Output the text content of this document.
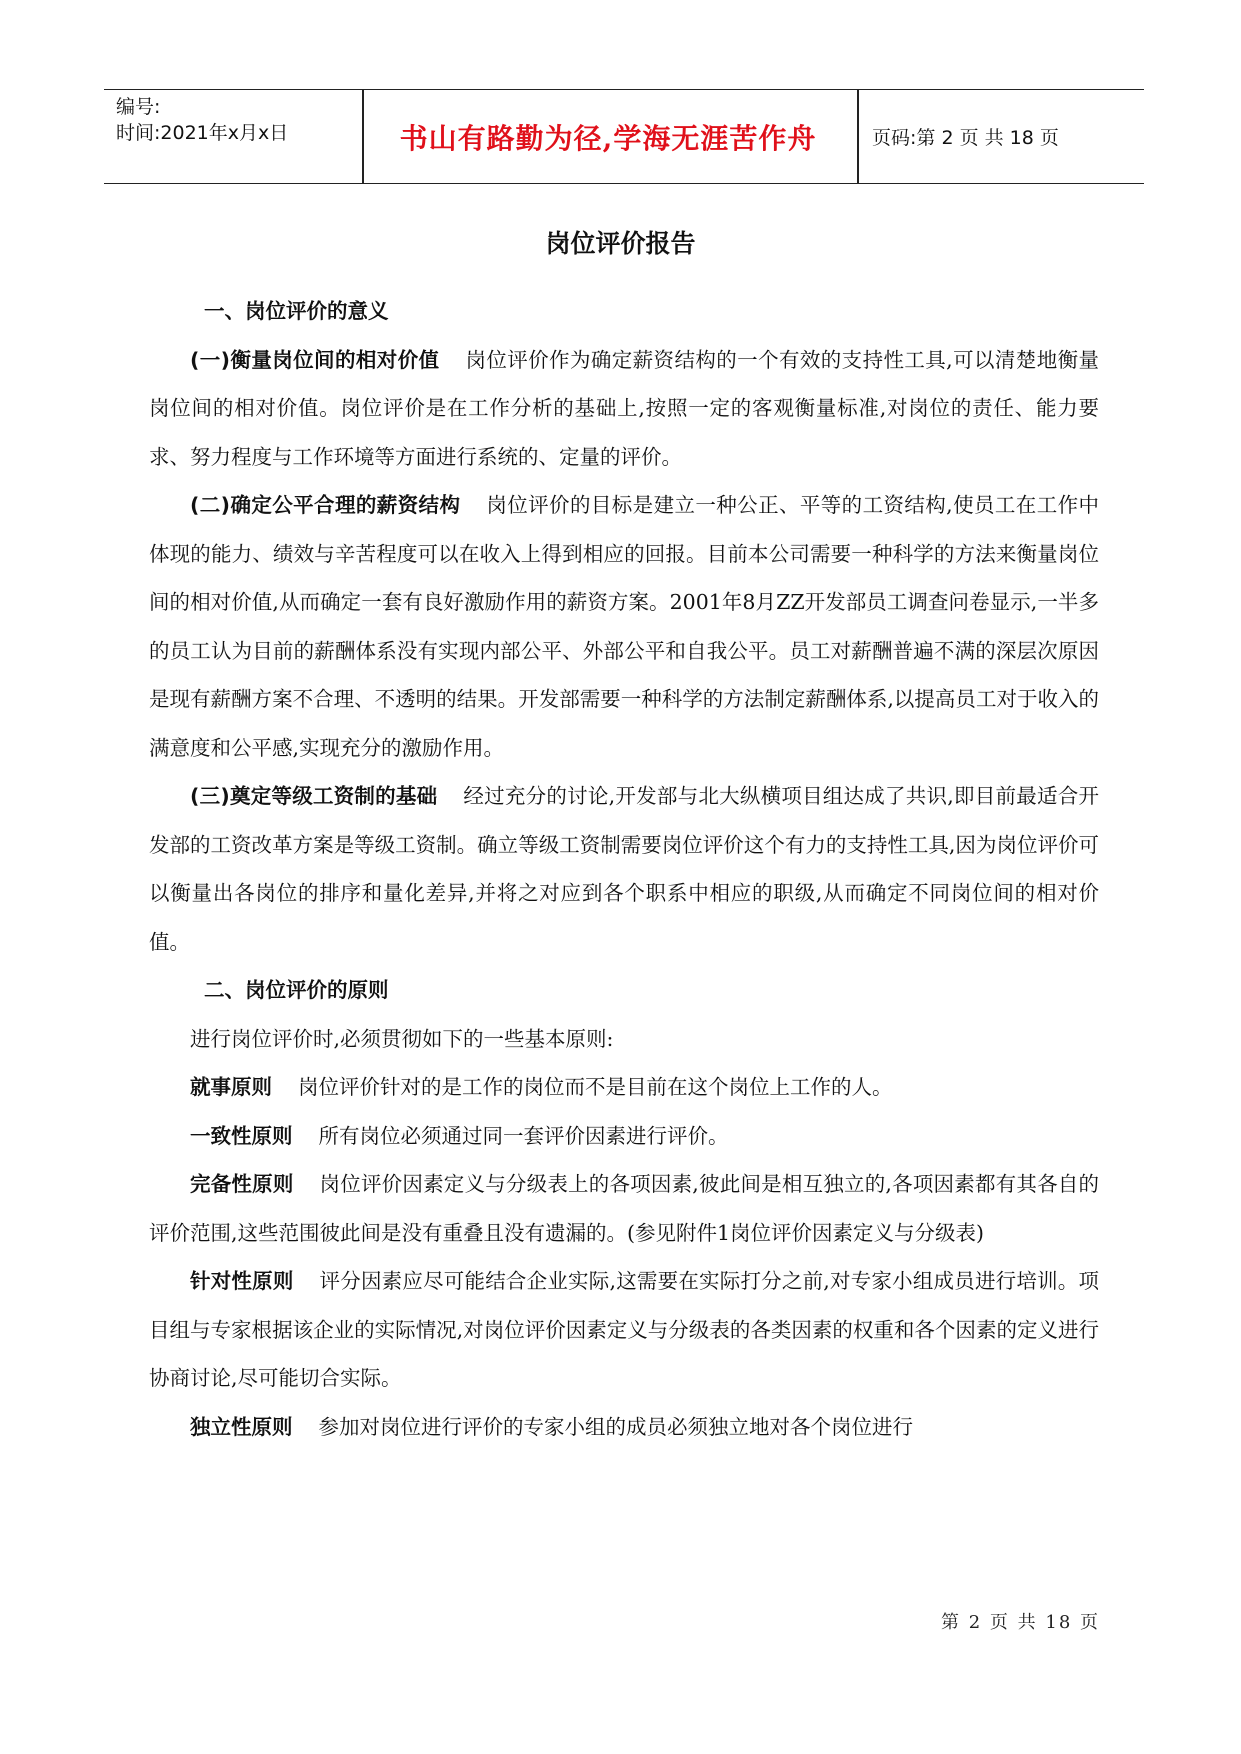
编号:
时间:2021年x月x日	书山有路勤为径,学海无涯苦作舟	页码:第 2 页 共 18 页
岗位评价报告
一、岗位评价的意义

(一)衡量岗位间的相对价值 岗位评价作为确定薪资结构的一个有效的支持性工具,可以清楚地衡量岗位间的相对价值。岗位评价是在工作分析的基础上,按照一定的客观衡量标准,对岗位的责任、能力要求、努力程度与工作环境等方面进行系统的、定量的评价。

(二)确定公平合理的薪资结构 岗位评价的目标是建立一种公正、平等的工资结构,使员工在工作中体现的能力、绩效与辛苦程度可以在收入上得到相应的回报。目前本公司需要一种科学的方法来衡量岗位间的相对价值,从而确定一套有良好激励作用的薪资方案。2001年8月ZZ开发部员工调查问卷显示,一半多的员工认为目前的薪酬体系没有实现内部公平、外部公平和自我公平。员工对薪酬普遍不满的深层次原因是现有薪酬方案不合理、不透明的结果。开发部需要一种科学的方法制定薪酬体系,以提高员工对于收入的满意度和公平感,实现充分的激励作用。

(三)奠定等级工资制的基础 经过充分的讨论,开发部与北大纵横项目组达成了共识,即目前最适合开发部的工资改革方案是等级工资制。确立等级工资制需要岗位评价这个有力的支持性工具,因为岗位评价可以衡量出各岗位的排序和量化差异,并将之对应到各个职系中相应的职级,从而确定不同岗位间的相对价值。

二、岗位评价的原则

进行岗位评价时,必须贯彻如下的一些基本原则:

就事原则 岗位评价针对的是工作的岗位而不是目前在这个岗位上工作的人。

一致性原则 所有岗位必须通过同一套评价因素进行评价。

完备性原则 岗位评价因素定义与分级表上的各项因素,彼此间是相互独立的,各项因素都有其各自的评价范围,这些范围彼此间是没有重叠且没有遗漏的。(参见附件1岗位评价因素定义与分级表)

针对性原则 评分因素应尽可能结合企业实际,这需要在实际打分之前,对专家小组成员进行培训。项目组与专家根据该企业的实际情况,对岗位评价因素定义与分级表的各类因素的权重和各个因素的定义进行协商讨论,尽可能切合实际。

独立性原则 参加对岗位进行评价的专家小组的成员必须独立地对各个岗位进行

第 2 页 共 18 页
